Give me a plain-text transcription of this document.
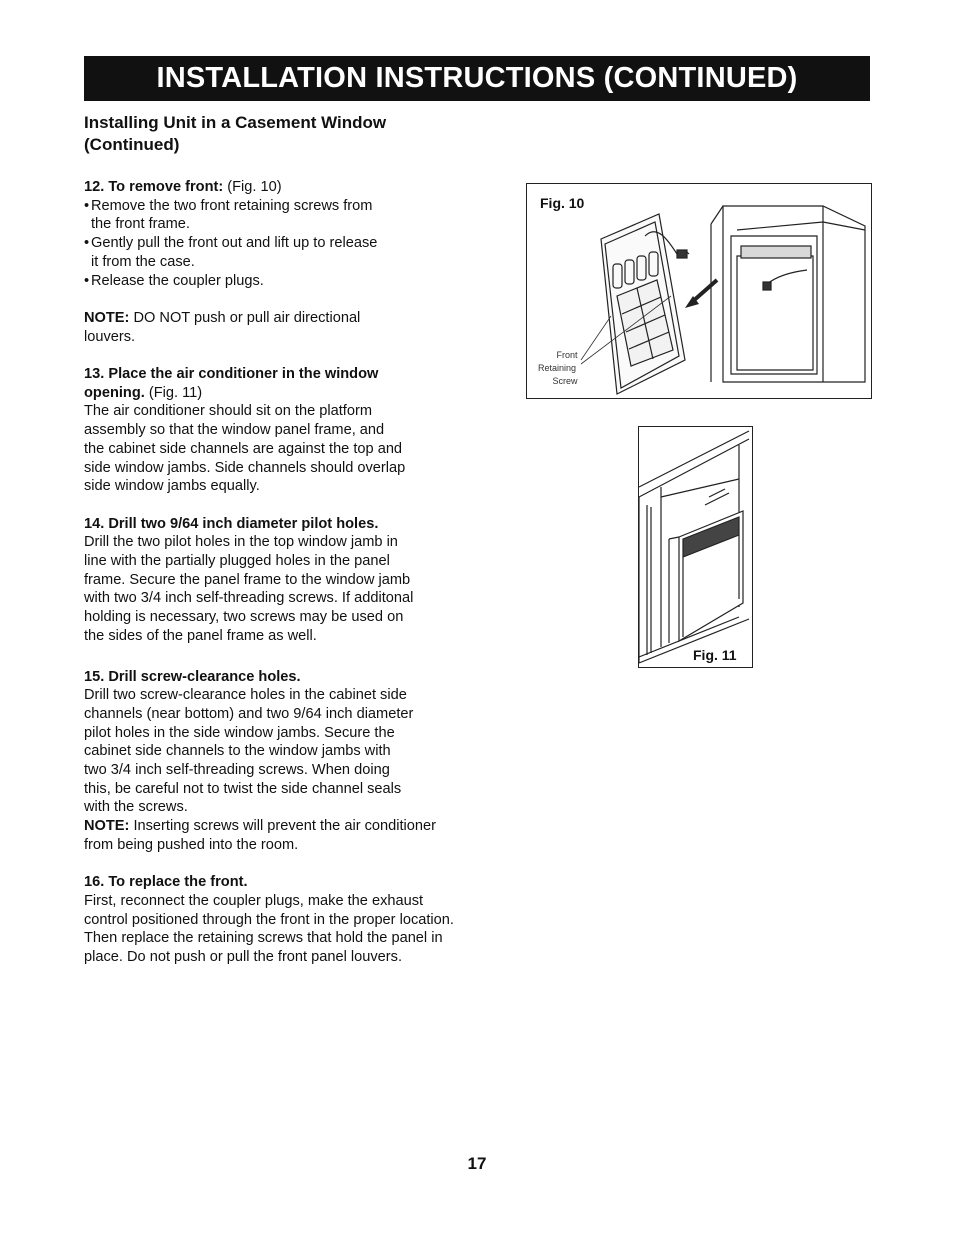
INSTALLATION INSTRUCTIONS (CONTINUED)
Installing Unit in a Casement Window
(Continued)

12. To remove front: (Fig. 10)

• Remove the two front retaining screws from

the front frame.

• Gently pull the front out and lift up to release

it from the case.

• Release the coupler plugs.

NOTE: DO NOT push or pull air directional

louvers.

13. Place the air conditioner in the window

opening. (Fig. 11)

The air conditioner should sit on the platform

assembly so that the window panel frame, and

the cabinet side channels are against the top and

side window jambs. Side channels should overlap

side window jambs equally.

14. Drill two 9/64 inch diameter pilot holes.

Drill the two pilot holes in the top window jamb in

line with the partially plugged holes in the panel

frame. Secure the panel frame to the window jamb

with two 3/4 inch self-threading screws. If additonal

holding is necessary, two screws may be used on

the sides of the panel frame as well.

15. Drill screw-clearance holes.

Drill two screw-clearance holes in the cabinet side

channels (near bottom) and two 9/64 inch diameter

pilot holes in the side window jambs. Secure the

cabinet side channels to the window jambs with

two 3/4 inch self-threading screws. When doing

this, be careful not to twist the side channel seals

with the screws.

NOTE: Inserting screws will prevent the air conditioner

from being pushed into the room.

16. To replace the front.

First, reconnect the coupler plugs, make the exhaust

control positioned through the front in the proper location.

Then replace the retaining screws that hold the panel in

place. Do not push or pull the front panel louvers.

Fig. 10
Front
Retaining
Screw
Fig. 11
17
